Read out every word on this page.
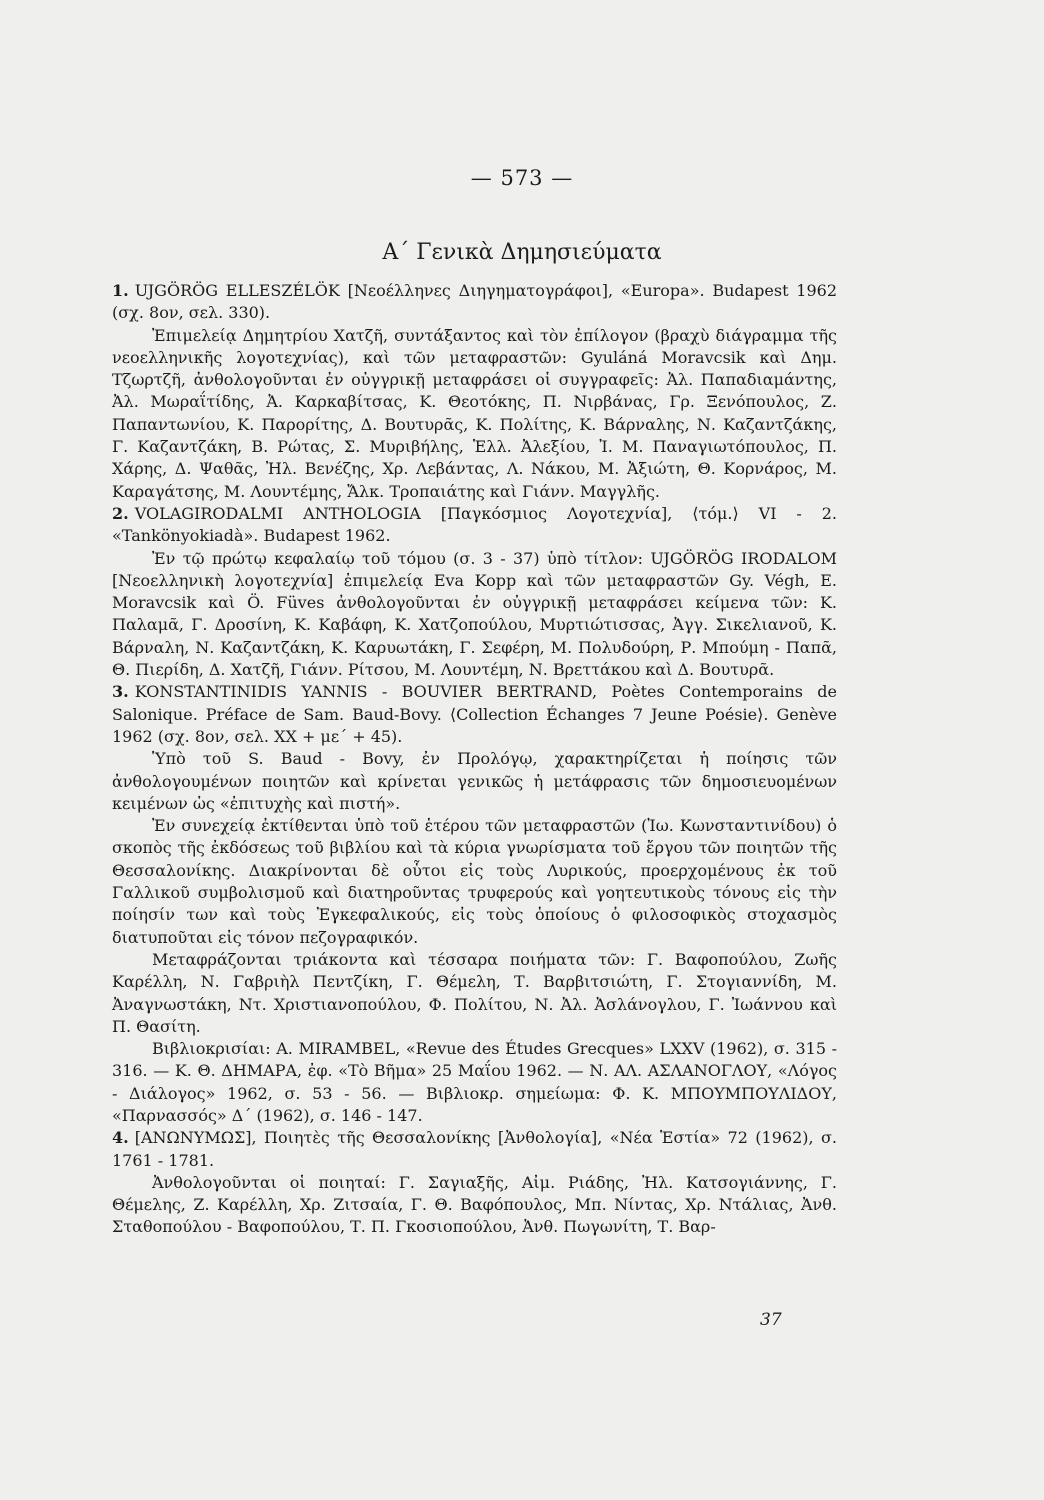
— 573 —
Α΄ Γενικὰ Δημησιεύματα

1. UJGÖRÖG ELLESZÉLÖK [Νεοέλληνες Διηγηματογράφοι], «Europa». Budapest 1962 (σχ. 8ον, σελ. 330).

Ἐπιμελείᾳ Δημητρίου Χατζῆ, συντάξαντος καὶ τὸν ἐπίλογον (βραχὺ διάγραμμα τῆς νεοελληνικῆς λογοτεχνίας), καὶ τῶν μεταφραστῶν: Gyuláná Moravcsik καὶ Δημ. Τζωρτζῆ, ἀνθολογοῦνται ἐν οὐγγρικῇ μεταφράσει οἱ συγγραφεῖς: Ἀλ. Παπαδιαμάντης, Ἀλ. Μωραΐτίδης, Ἀ. Καρκαβίτσας, Κ. Θεοτόκης, Π. Νιρβάνας, Γρ. Ξενόπουλος, Ζ. Παπαντωνίου, Κ. Παρορίτης, Δ. Βουτυρᾶς, Κ. Πολίτης, Κ. Βάρναλης, Ν. Καζαντζάκης, Γ. Καζαντζάκη, Β. Ρώτας, Σ. Μυριβήλης, Ἑλλ. Ἀλεξίου, Ἰ. Μ. Παναγιωτόπουλος, Π. Χάρης, Δ. Ψαθᾶς, Ἠλ. Βενέζης, Χρ. Λεβάντας, Λ. Νάκου, Μ. Ἀξιώτη, Θ. Κορνάρος, Μ. Καραγάτσης, Μ. Λουντέμης, Ἄλκ. Τροπαιάτης καὶ Γιάνν. Μαγγλῆς.

2. VOLAGIRODALMI ANTHOLOGIA [Παγκόσμιος Λογοτεχνία], ⟨τόμ.⟩ VI - 2. «Tankönyokiadà». Budapest 1962.

Ἐν τῷ πρώτῳ κεφαλαίῳ τοῦ τόμου (σ. 3 - 37) ὑπὸ τίτλον: UJGÖRÖG IRODALOM [Νεοελληνικὴ λογοτεχνία] ἐπιμελείᾳ Eva Kopp καὶ τῶν μεταφραστῶν Gy. Végh, E. Moravcsik καὶ Ö. Füves ἀνθολογοῦνται ἐν οὐγγρικῇ μεταφράσει κείμενα τῶν: Κ. Παλαμᾶ, Γ. Δροσίνη, Κ. Καβάφη, Κ. Χατζοπούλου, Μυρτιώτισσας, Ἀγγ. Σικελιανοῦ, Κ. Βάρναλη, Ν. Καζαντζάκη, Κ. Καρυωτάκη, Γ. Σεφέρη, Μ. Πολυδούρη, Ρ. Μπούμη - Παπᾶ, Θ. Πιερίδη, Δ. Χατζῆ, Γιάνν. Ρίτσου, Μ. Λουντέμη, Ν. Βρεττάκου καὶ Δ. Βουτυρᾶ.

3. KONSTANTINIDIS YANNIS - BOUVIER BERTRAND, Poètes Contemporains de Salonique. Préface de Sam. Baud-Bovy. ⟨Collection Échanges 7 Jeune Poésie⟩. Genève 1962 (σχ. 8ον, σελ. XX + με΄ + 45).

Ὑπὸ τοῦ S. Baud - Bovy, ἐν Προλόγῳ, χαρακτηρίζεται ἡ ποίησις τῶν ἀνθολογουμένων ποιητῶν καὶ κρίνεται γενικῶς ἡ μετάφρασις τῶν δημοσιευομένων κειμένων ὡς «ἐπιτυχὴς καὶ πιστή».

Ἐν συνεχείᾳ ἐκτίθενται ὑπὸ τοῦ ἑτέρου τῶν μεταφραστῶν (Ἰω. Κωνσταντινίδου) ὁ σκοπὸς τῆς ἐκδόσεως τοῦ βιβλίου καὶ τὰ κύρια γνωρίσματα τοῦ ἔργου τῶν ποιητῶν τῆς Θεσσαλονίκης. Διακρίνονται δὲ οὗτοι εἰς τοὺς Λυρικούς, προερχομένους ἐκ τοῦ Γαλλικοῦ συμβολισμοῦ καὶ διατηροῦντας τρυφερούς καὶ γοητευτικοὺς τόνους εἰς τὴν ποίησίν των καὶ τοὺς Ἐγκεφαλικούς, εἰς τοὺς ὁποίους ὁ φιλοσοφικὸς στοχασμὸς διατυποῦται εἰς τόνον πεζογραφικόν.

Μεταφράζονται τριάκοντα καὶ τέσσαρα ποιήματα τῶν: Γ. Βαφοπούλου, Ζωῆς Καρέλλη, Ν. Γαβριὴλ Πεντζίκη, Γ. Θέμελη, Τ. Βαρβιτσιώτη, Γ. Στογιαννίδη, Μ. Ἀναγνωστάκη, Ντ. Χριστιανοπούλου, Φ. Πολίτου, Ν. Ἀλ. Ἀσλάνογλου, Γ. Ἰωάννου καὶ Π. Θασίτη.

Βιβλιοκρισίαι: A. MIRAMBEL, «Revue des Études Grecques» LXXV (1962), σ. 315 - 316. — Κ. Θ. ΔΗΜΑΡΑ, ἐφ. «Τὸ Βῆμα» 25 Μαΐου 1962. — Ν. ΑΛ. ΑΣΛΑΝΟΓΛΟΥ, «Λόγος - Διάλογος» 1962, σ. 53 - 56. — Βιβλιοκρ. σημείωμα: Φ. Κ. ΜΠΟΥΜΠΟΥΛΙΔΟΥ, «Παρνασσός» Δ΄ (1962), σ. 146 - 147.

4. [ΑΝΩΝΥΜΩΣ], Ποιητὲς τῆς Θεσσαλονίκης [Ἀνθολογία], «Νέα Ἑστία» 72 (1962), σ. 1761 - 1781.

Ἀνθολογοῦνται οἱ ποιηταί: Γ. Σαγιαξῆς, Αἰμ. Ριάδης, Ἠλ. Κατσογιάννης, Γ. Θέμελης, Ζ. Καρέλλη, Χρ. Ζιτσαία, Γ. Θ. Βαφόπουλος, Μπ. Νίντας, Χρ. Ντάλιας, Ἀνθ. Σταθοπούλου - Βαφοπούλου, Τ. Π. Γκοσιοπούλου, Ἀνθ. Πωγωνίτη, Τ. Βαρ-

37
